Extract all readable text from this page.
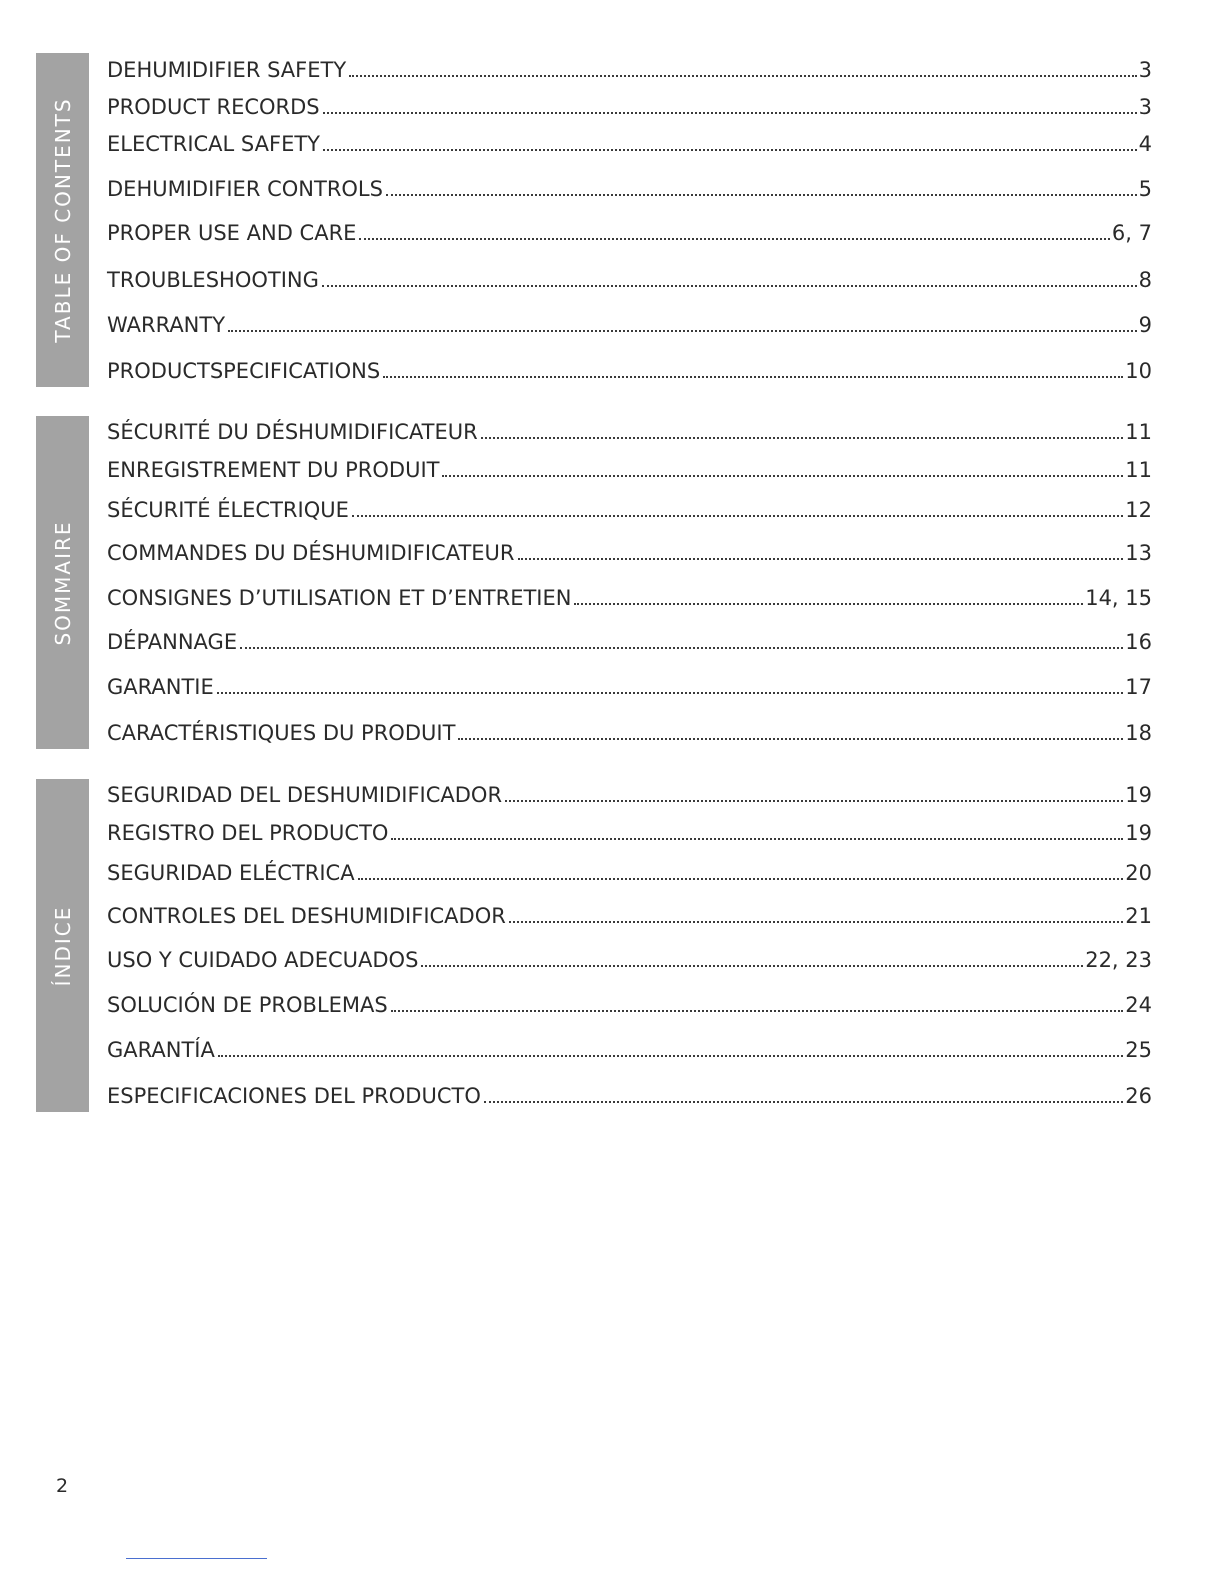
TABLE OF CONTENTS
DEHUMIDIFIER SAFETY	3
PRODUCT RECORDS	3
ELECTRICAL SAFETY	4
DEHUMIDIFIER CONTROLS	5
PROPER USE AND CARE	6, 7
TROUBLESHOOTING	8
WARRANTY	9
PRODUCTSPECIFICATIONS	10
SOMMAIRE
SÉCURITÉ DU DÉSHUMIDIFICATEUR	11
ENREGISTREMENT DU PRODUIT	11
SÉCURITÉ ÉLECTRIQUE	12
COMMANDES DU DÉSHUMIDIFICATEUR	13
CONSIGNES D’UTILISATION ET D’ENTRETIEN	14, 15
DÉPANNAGE	16
GARANTIE	17
CARACTÉRISTIQUES DU PRODUIT	18
ÍNDICE
SEGURIDAD DEL DESHUMIDIFICADOR	19
REGISTRO DEL PRODUCTO	19
SEGURIDAD ELÉCTRICA	20
CONTROLES DEL DESHUMIDIFICADOR	21
USO Y CUIDADO ADECUADOS	22, 23
SOLUCIÓN DE PROBLEMAS	24
GARANTÍA	25
ESPECIFICACIONES DEL PRODUCTO	26
2
